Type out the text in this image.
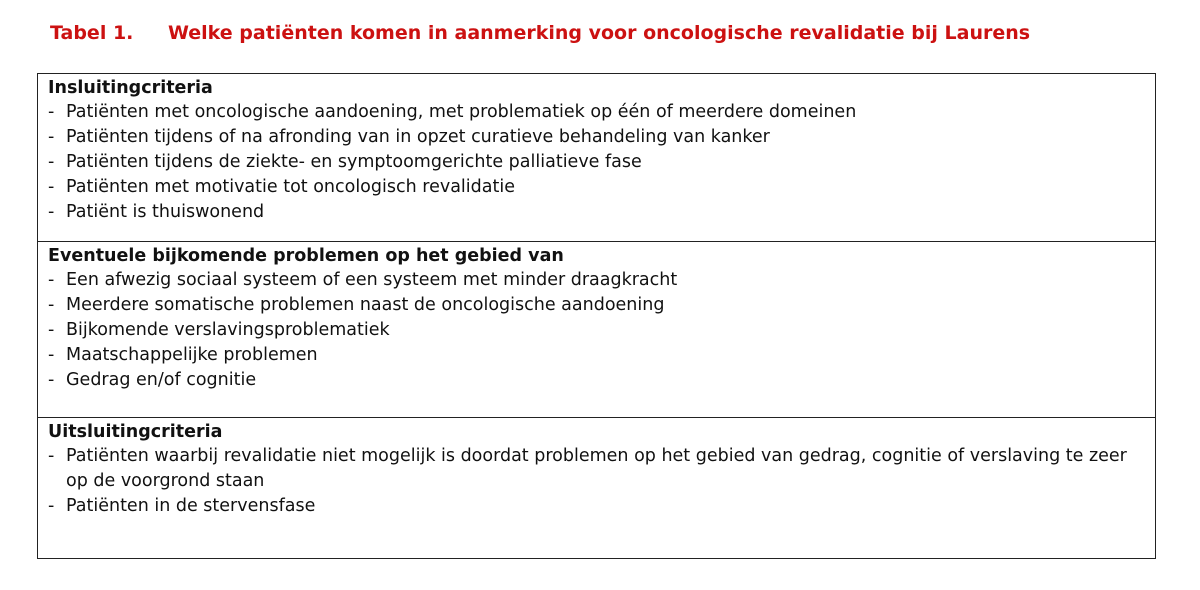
Tabel 1. Welke patiënten komen in aanmerking voor oncologische revalidatie bij Laurens

Insluitingcriteria

- Patiënten met oncologische aandoening, met problematiek op één of meerdere domeinen

- Patiënten tijdens of na afronding van in opzet curatieve behandeling van kanker

- Patiënten tijdens de ziekte- en symptoomgerichte palliatieve fase

- Patiënten met motivatie tot oncologisch revalidatie

- Patiënt is thuiswonend

Eventuele bijkomende problemen op het gebied van

- Een afwezig sociaal systeem of een systeem met minder draagkracht

- Meerdere somatische problemen naast de oncologische aandoening

- Bijkomende verslavingsproblematiek

- Maatschappelijke problemen

- Gedrag en/of cognitie

Uitsluitingcriteria

- Patiënten waarbij revalidatie niet mogelijk is doordat problemen op het gebied van gedrag, cognitie of verslaving te zeer op de voorgrond staan

- Patiënten in de stervensfase
